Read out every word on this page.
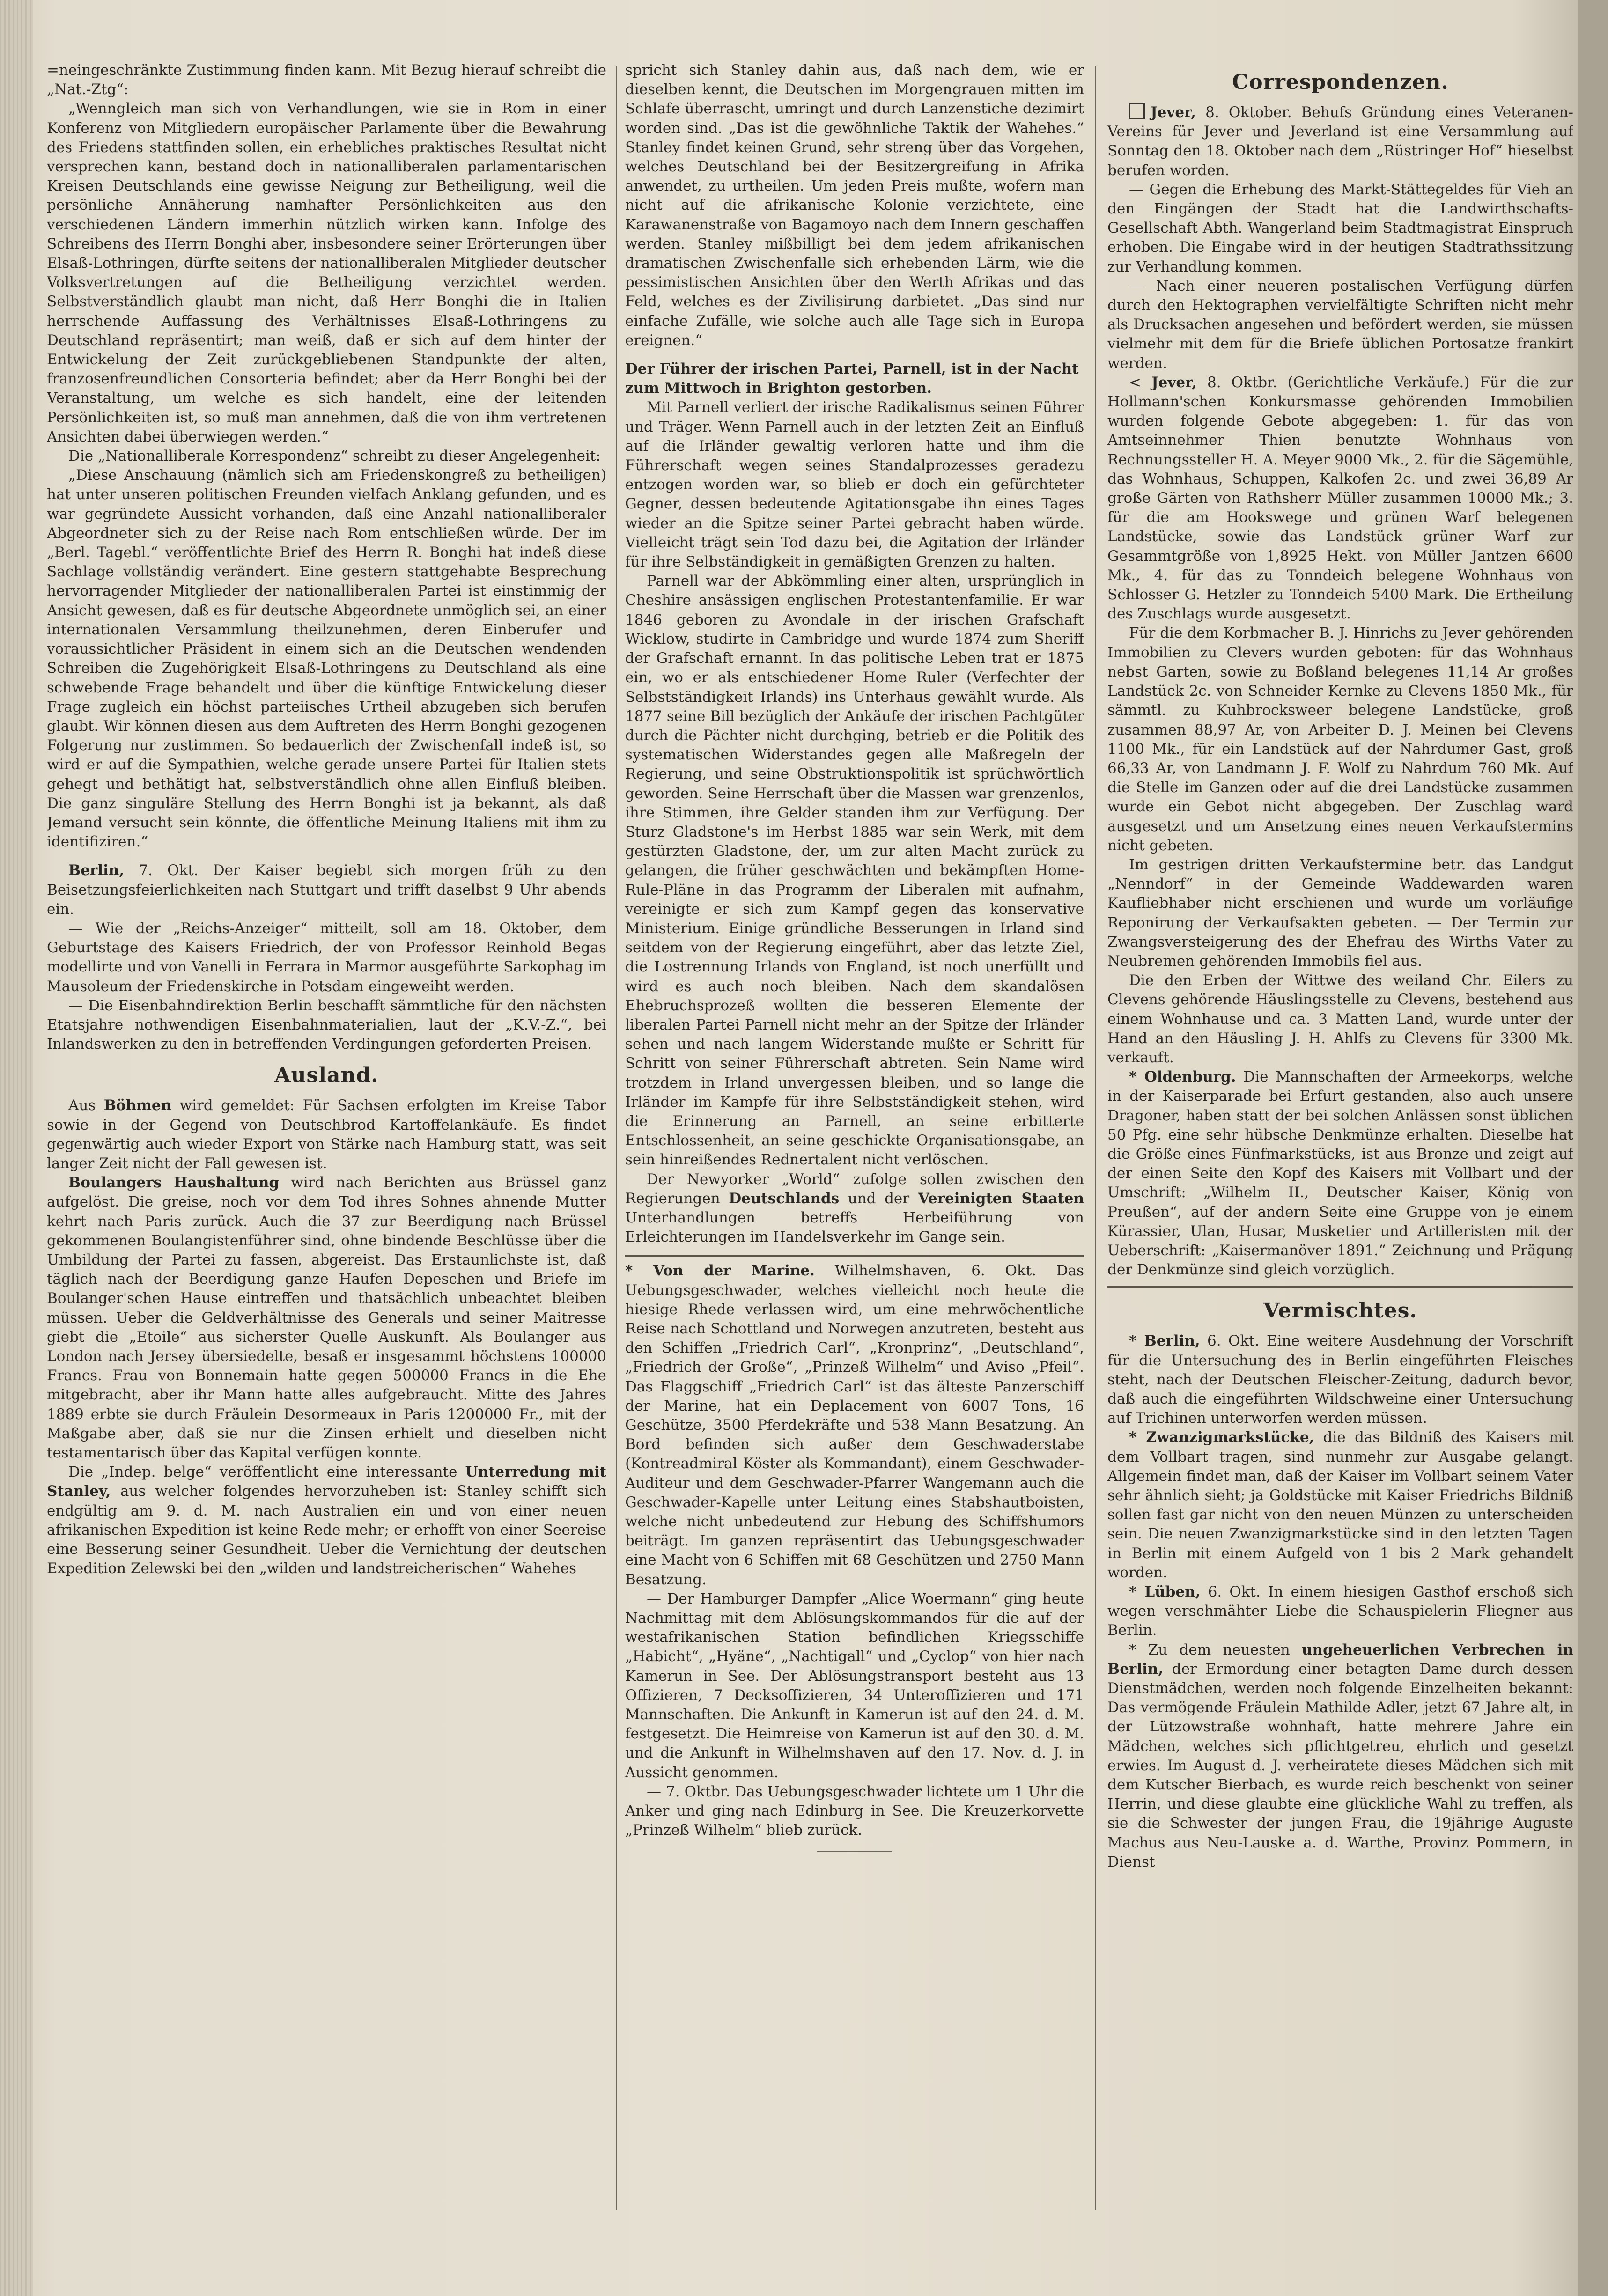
=neingeschränkte Zustimmung finden kann. Mit Bezug hierauf schreibt die „Nat.-Ztg“:

„Wenngleich man sich von Verhandlungen, wie sie in Rom in einer Konferenz von Mitgliedern europäischer Parlamente über die Bewahrung des Friedens stattfinden sollen, ein erhebliches praktisches Resultat nicht versprechen kann, bestand doch in nationalliberalen parlamentarischen Kreisen Deutschlands eine gewisse Neigung zur Betheiligung, weil die persönliche Annäherung namhafter Persönlichkeiten aus den verschiedenen Ländern immerhin nützlich wirken kann. Infolge des Schreibens des Herrn Bonghi aber, insbesondere seiner Erörterungen über Elsaß-Lothringen, dürfte seitens der nationalliberalen Mitglieder deutscher Volksvertretungen auf die Betheiligung verzichtet werden. Selbstverständlich glaubt man nicht, daß Herr Bonghi die in Italien herrschende Auffassung des Verhältnisses Elsaß-Lothringens zu Deutschland repräsentirt; man weiß, daß er sich auf dem hinter der Entwickelung der Zeit zurückgebliebenen Standpunkte der alten, franzosenfreundlichen Consorteria befindet; aber da Herr Bonghi bei der Veranstaltung, um welche es sich handelt, eine der leitenden Persönlichkeiten ist, so muß man annehmen, daß die von ihm vertretenen Ansichten dabei überwiegen werden.“

Die „Nationalliberale Korrespondenz“ schreibt zu dieser Angelegenheit:

„Diese Anschauung (nämlich sich am Friedenskongreß zu betheiligen) hat unter unseren politischen Freunden vielfach Anklang gefunden, und es war gegründete Aussicht vorhanden, daß eine Anzahl nationalliberaler Abgeordneter sich zu der Reise nach Rom entschließen würde. Der im „Berl. Tagebl.“ veröffentlichte Brief des Herrn R. Bonghi hat indeß diese Sachlage vollständig verändert. Eine gestern stattgehabte Besprechung hervorragender Mitglieder der nationalliberalen Partei ist einstimmig der Ansicht gewesen, daß es für deutsche Abgeordnete unmöglich sei, an einer internationalen Versammlung theilzunehmen, deren Einberufer und voraussichtlicher Präsident in einem sich an die Deutschen wendenden Schreiben die Zugehörigkeit Elsaß-Lothringens zu Deutschland als eine schwebende Frage behandelt und über die künftige Entwickelung dieser Frage zugleich ein höchst parteiisches Urtheil abzugeben sich berufen glaubt. Wir können diesen aus dem Auftreten des Herrn Bonghi gezogenen Folgerung nur zustimmen. So bedauerlich der Zwischenfall indeß ist, so wird er auf die Sympathien, welche gerade unsere Partei für Italien stets gehegt und bethätigt hat, selbstverständlich ohne allen Einfluß bleiben. Die ganz singuläre Stellung des Herrn Bonghi ist ja bekannt, als daß Jemand versucht sein könnte, die öffentliche Meinung Italiens mit ihm zu identifiziren.“

Berlin, 7. Okt. Der Kaiser begiebt sich morgen früh zu den Beisetzungsfeierlichkeiten nach Stuttgart und trifft daselbst 9 Uhr abends ein.

— Wie der „Reichs-Anzeiger“ mitteilt, soll am 18. Oktober, dem Geburtstage des Kaisers Friedrich, der von Professor Reinhold Begas modellirte und von Vanelli in Ferrara in Marmor ausgeführte Sarkophag im Mausoleum der Friedenskirche in Potsdam eingeweiht werden.

— Die Eisenbahndirektion Berlin beschafft sämmtliche für den nächsten Etatsjahre nothwendigen Eisenbahnmaterialien, laut der „K.V.-Z.“, bei Inlandswerken zu den in betreffenden Verdingungen geforderten Preisen.

Ausland.

Aus Böhmen wird gemeldet: Für Sachsen erfolgten im Kreise Tabor sowie in der Gegend von Deutschbrod Kartoffelankäufe. Es findet gegenwärtig auch wieder Export von Stärke nach Hamburg statt, was seit langer Zeit nicht der Fall gewesen ist.

Boulangers Haushaltung wird nach Berichten aus Brüssel ganz aufgelöst. Die greise, noch vor dem Tod ihres Sohnes ahnende Mutter kehrt nach Paris zurück. Auch die 37 zur Beerdigung nach Brüssel gekommenen Boulangistenführer sind, ohne bindende Beschlüsse über die Umbildung der Partei zu fassen, abgereist. Das Erstaunlichste ist, daß täglich nach der Beerdigung ganze Haufen Depeschen und Briefe im Boulanger'schen Hause eintreffen und thatsächlich unbeachtet bleiben müssen. Ueber die Geldverhältnisse des Generals und seiner Maitresse giebt die „Etoile“ aus sicherster Quelle Auskunft. Als Boulanger aus London nach Jersey übersiedelte, besaß er insgesammt höchstens 100000 Francs. Frau von Bonnemain hatte gegen 500000 Francs in die Ehe mitgebracht, aber ihr Mann hatte alles aufgebraucht. Mitte des Jahres 1889 erbte sie durch Fräulein Desormeaux in Paris 1200000 Fr., mit der Maßgabe aber, daß sie nur die Zinsen erhielt und dieselben nicht testamentarisch über das Kapital verfügen konnte.

Die „Indep. belge“ veröffentlicht eine interessante Unterredung mit Stanley, aus welcher folgendes hervorzuheben ist: Stanley schifft sich endgültig am 9. d. M. nach Australien ein und von einer neuen afrikanischen Expedition ist keine Rede mehr; er erhofft von einer Seereise eine Besserung seiner Gesundheit. Ueber die Vernichtung der deutschen Expedition Zelewski bei den „wilden und landstreicherischen“ Wahehes

spricht sich Stanley dahin aus, daß nach dem, wie er dieselben kennt, die Deutschen im Morgengrauen mitten im Schlafe überrascht, umringt und durch Lanzenstiche dezimirt worden sind. „Das ist die gewöhnliche Taktik der Wahehes.“ Stanley findet keinen Grund, sehr streng über das Vorgehen, welches Deutschland bei der Besitzergreifung in Afrika anwendet, zu urtheilen. Um jeden Preis mußte, wofern man nicht auf die afrikanische Kolonie verzichtete, eine Karawanenstraße von Bagamoyo nach dem Innern geschaffen werden. Stanley mißbilligt bei dem jedem afrikanischen dramatischen Zwischenfalle sich erhebenden Lärm, wie die pessimistischen Ansichten über den Werth Afrikas und das Feld, welches es der Zivilisirung darbietet. „Das sind nur einfache Zufälle, wie solche auch alle Tage sich in Europa ereignen.“

Der Führer der irischen Partei, Parnell, ist in der Nacht zum Mittwoch in Brighton gestorben.

Mit Parnell verliert der irische Radikalismus seinen Führer und Träger. Wenn Parnell auch in der letzten Zeit an Einfluß auf die Irländer gewaltig verloren hatte und ihm die Führerschaft wegen seines Standalprozesses geradezu entzogen worden war, so blieb er doch ein gefürchteter Gegner, dessen bedeutende Agitationsgabe ihn eines Tages wieder an die Spitze seiner Partei gebracht haben würde. Vielleicht trägt sein Tod dazu bei, die Agitation der Irländer für ihre Selbständigkeit in gemäßigten Grenzen zu halten.

Parnell war der Abkömmling einer alten, ursprünglich in Cheshire ansässigen englischen Protestantenfamilie. Er war 1846 geboren zu Avondale in der irischen Grafschaft Wicklow, studirte in Cambridge und wurde 1874 zum Sheriff der Grafschaft ernannt. In das politische Leben trat er 1875 ein, wo er als entschiedener Home Ruler (Verfechter der Selbstständigkeit Irlands) ins Unterhaus gewählt wurde. Als 1877 seine Bill bezüglich der Ankäufe der irischen Pachtgüter durch die Pächter nicht durchging, betrieb er die Politik des systematischen Widerstandes gegen alle Maßregeln der Regierung, und seine Obstruktionspolitik ist sprüchwörtlich geworden. Seine Herrschaft über die Massen war grenzenlos, ihre Stimmen, ihre Gelder standen ihm zur Verfügung. Der Sturz Gladstone's im Herbst 1885 war sein Werk, mit dem gestürzten Gladstone, der, um zur alten Macht zurück zu gelangen, die früher geschwächten und bekämpften Home-Rule-Pläne in das Programm der Liberalen mit aufnahm, vereinigte er sich zum Kampf gegen das konservative Ministerium. Einige gründliche Besserungen in Irland sind seitdem von der Regierung eingeführt, aber das letzte Ziel, die Lostrennung Irlands von England, ist noch unerfüllt und wird es auch noch bleiben. Nach dem skandalösen Ehebruchsprozeß wollten die besseren Elemente der liberalen Partei Parnell nicht mehr an der Spitze der Irländer sehen und nach langem Widerstande mußte er Schritt für Schritt von seiner Führerschaft abtreten. Sein Name wird trotzdem in Irland unvergessen bleiben, und so lange die Irländer im Kampfe für ihre Selbstständigkeit stehen, wird die Erinnerung an Parnell, an seine erbitterte Entschlossenheit, an seine geschickte Organisationsgabe, an sein hinreißendes Rednertalent nicht verlöschen.

Der Newyorker „World“ zufolge sollen zwischen den Regierungen Deutschlands und der Vereinigten Staaten Unterhandlungen betreffs Herbeiführung von Erleichterungen im Handelsverkehr im Gange sein.

* Von der Marine. Wilhelmshaven, 6. Okt. Das Uebungsgeschwader, welches vielleicht noch heute die hiesige Rhede verlassen wird, um eine mehrwöchentliche Reise nach Schottland und Norwegen anzutreten, besteht aus den Schiffen „Friedrich Carl“, „Kronprinz“, „Deutschland“, „Friedrich der Große“, „Prinzeß Wilhelm“ und Aviso „Pfeil“. Das Flaggschiff „Friedrich Carl“ ist das älteste Panzerschiff der Marine, hat ein Deplacement von 6007 Tons, 16 Geschütze, 3500 Pferdekräfte und 538 Mann Besatzung. An Bord befinden sich außer dem Geschwaderstabe (Kontreadmiral Köster als Kommandant), einem Geschwader-Auditeur und dem Geschwader-Pfarrer Wangemann auch die Geschwader-Kapelle unter Leitung eines Stabshautboisten, welche nicht unbedeutend zur Hebung des Schiffshumors beiträgt. Im ganzen repräsentirt das Uebungsgeschwader eine Macht von 6 Schiffen mit 68 Geschützen und 2750 Mann Besatzung.

— Der Hamburger Dampfer „Alice Woermann“ ging heute Nachmittag mit dem Ablösungskommandos für die auf der westafrikanischen Station befindlichen Kriegsschiffe „Habicht“, „Hyäne“, „Nachtigall“ und „Cyclop“ von hier nach Kamerun in See. Der Ablösungstransport besteht aus 13 Offizieren, 7 Decksoffizieren, 34 Unteroffizieren und 171 Mannschaften. Die Ankunft in Kamerun ist auf den 24. d. M. festgesetzt. Die Heimreise von Kamerun ist auf den 30. d. M. und die Ankunft in Wilhelmshaven auf den 17. Nov. d. J. in Aussicht genommen.

— 7. Oktbr. Das Uebungsgeschwader lichtete um 1 Uhr die Anker und ging nach Edinburg in See. Die Kreuzerkorvette „Prinzeß Wilhelm“ blieb zurück.

Correspondenzen.

Jever, 8. Oktober. Behufs Gründung eines Veteranen-Vereins für Jever und Jeverland ist eine Versammlung auf Sonntag den 18. Oktober nach dem „Rüstringer Hof“ hieselbst berufen worden.

— Gegen die Erhebung des Markt-Stättegeldes für Vieh an den Eingängen der Stadt hat die Landwirthschafts-Gesellschaft Abth. Wangerland beim Stadtmagistrat Einspruch erhoben. Die Eingabe wird in der heutigen Stadtrathssitzung zur Verhandlung kommen.

— Nach einer neueren postalischen Verfügung dürfen durch den Hektographen vervielfältigte Schriften nicht mehr als Drucksachen angesehen und befördert werden, sie müssen vielmehr mit dem für die Briefe üblichen Portosatze frankirt werden.

< Jever, 8. Oktbr. (Gerichtliche Verkäufe.) Für die zur Hollmann'schen Konkursmasse gehörenden Immobilien wurden folgende Gebote abgegeben: 1. für das von Amtseinnehmer Thien benutzte Wohnhaus von Rechnungssteller H. A. Meyer 9000 Mk., 2. für die Sägemühle, das Wohnhaus, Schuppen, Kalkofen 2c. und zwei 36,89 Ar große Gärten von Rathsherr Müller zusammen 10000 Mk.; 3. für die am Hookswege und grünen Warf belegenen Landstücke, sowie das Landstück grüner Warf zur Gesammtgröße von 1,8925 Hekt. von Müller Jantzen 6600 Mk., 4. für das zu Tonndeich belegene Wohnhaus von Schlosser G. Hetzler zu Tonndeich 5400 Mark. Die Ertheilung des Zuschlags wurde ausgesetzt.

Für die dem Korbmacher B. J. Hinrichs zu Jever gehörenden Immobilien zu Clevers wurden geboten: für das Wohnhaus nebst Garten, sowie zu Boßland belegenes 11,14 Ar großes Landstück 2c. von Schneider Kernke zu Clevens 1850 Mk., für sämmtl. zu Kuhbrocksweer belegene Landstücke, groß zusammen 88,97 Ar, von Arbeiter D. J. Meinen bei Clevens 1100 Mk., für ein Landstück auf der Nahrdumer Gast, groß 66,33 Ar, von Landmann J. F. Wolf zu Nahrdum 760 Mk. Auf die Stelle im Ganzen oder auf die drei Landstücke zusammen wurde ein Gebot nicht abgegeben. Der Zuschlag ward ausgesetzt und um Ansetzung eines neuen Verkaufstermins nicht gebeten.

Im gestrigen dritten Verkaufstermine betr. das Landgut „Nenndorf“ in der Gemeinde Waddewarden waren Kaufliebhaber nicht erschienen und wurde um vorläufige Reponirung der Verkaufsakten gebeten. — Der Termin zur Zwangsversteigerung des der Ehefrau des Wirths Vater zu Neubremen gehörenden Immobils fiel aus.

Die den Erben der Wittwe des weiland Chr. Eilers zu Clevens gehörende Häuslingsstelle zu Clevens, bestehend aus einem Wohnhause und ca. 3 Matten Land, wurde unter der Hand an den Häusling J. H. Ahlfs zu Clevens für 3300 Mk. verkauft.

* Oldenburg. Die Mannschaften der Armeekorps, welche in der Kaiserparade bei Erfurt gestanden, also auch unsere Dragoner, haben statt der bei solchen Anlässen sonst üblichen 50 Pfg. eine sehr hübsche Denkmünze erhalten. Dieselbe hat die Größe eines Fünfmarkstücks, ist aus Bronze und zeigt auf der einen Seite den Kopf des Kaisers mit Vollbart und der Umschrift: „Wilhelm II., Deutscher Kaiser, König von Preußen“, auf der andern Seite eine Gruppe von je einem Kürassier, Ulan, Husar, Musketier und Artilleristen mit der Ueberschrift: „Kaisermanöver 1891.“ Zeichnung und Prägung der Denkmünze sind gleich vorzüglich.

Vermischtes.

* Berlin, 6. Okt. Eine weitere Ausdehnung der Vorschrift für die Untersuchung des in Berlin eingeführten Fleisches steht, nach der Deutschen Fleischer-Zeitung, dadurch bevor, daß auch die eingeführten Wildschweine einer Untersuchung auf Trichinen unterworfen werden müssen.

* Zwanzigmarkstücke, die das Bildniß des Kaisers mit dem Vollbart tragen, sind nunmehr zur Ausgabe gelangt. Allgemein findet man, daß der Kaiser im Vollbart seinem Vater sehr ähnlich sieht; ja Goldstücke mit Kaiser Friedrichs Bildniß sollen fast gar nicht von den neuen Münzen zu unterscheiden sein. Die neuen Zwanzigmarkstücke sind in den letzten Tagen in Berlin mit einem Aufgeld von 1 bis 2 Mark gehandelt worden.

* Lüben, 6. Okt. In einem hiesigen Gasthof erschoß sich wegen verschmähter Liebe die Schauspielerin Fliegner aus Berlin.

* Zu dem neuesten ungeheuerlichen Verbrechen in Berlin, der Ermordung einer betagten Dame durch dessen Dienstmädchen, werden noch folgende Einzelheiten bekannt: Das vermögende Fräulein Mathilde Adler, jetzt 67 Jahre alt, in der Lützowstraße wohnhaft, hatte mehrere Jahre ein Mädchen, welches sich pflichtgetreu, ehrlich und gesetzt erwies. Im August d. J. verheiratete dieses Mädchen sich mit dem Kutscher Bierbach, es wurde reich beschenkt von seiner Herrin, und diese glaubte eine glückliche Wahl zu treffen, als sie die Schwester der jungen Frau, die 19jährige Auguste Machus aus Neu-Lauske a. d. Warthe, Provinz Pommern, in Dienst
